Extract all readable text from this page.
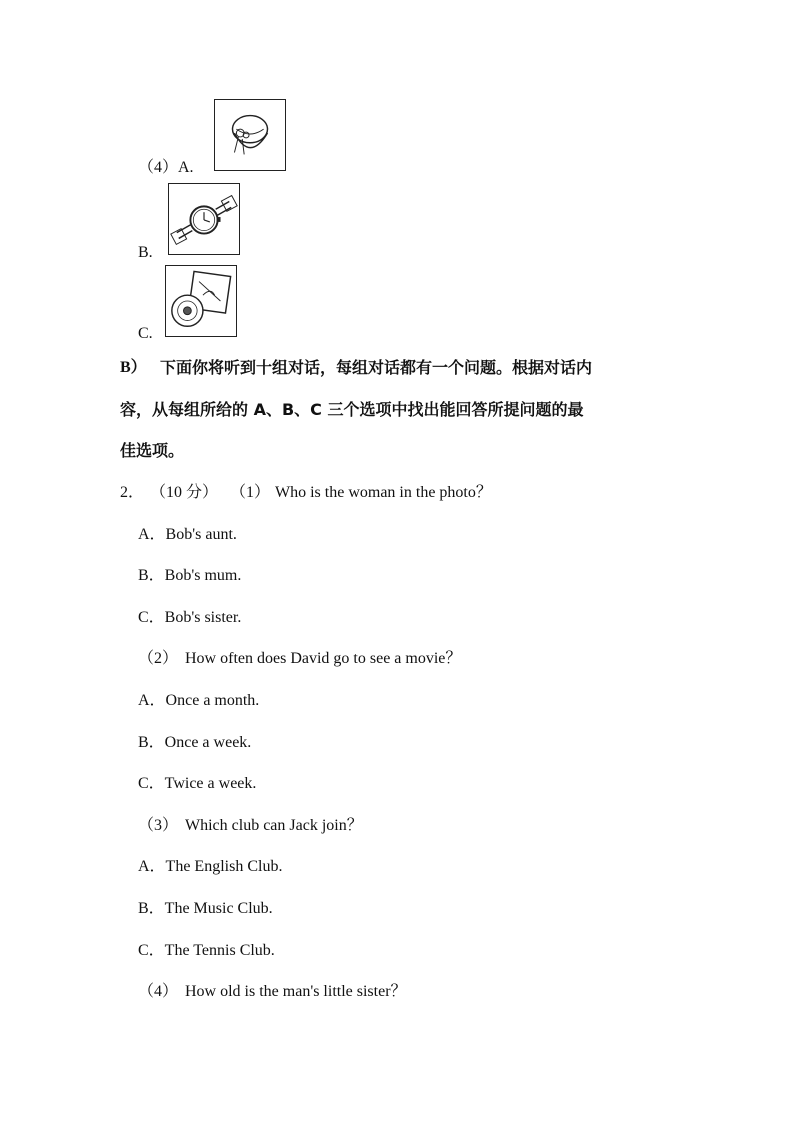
（4）A.
B.
C.
B） 下面你将听到十组对话，每组对话都有一个问题。根据对话内
容，从每组所给的 A、B、C 三个选项中找出能回答所提问题的最
佳选项。
2． （10 分） （1） Who is the woman in the photo？
A．Bob's aunt.
B．Bob's mum.
C．Bob's sister.
（2） How often does David go to see a movie？
A．Once a month.
B．Once a week.
C．Twice a week.
（3） Which club can Jack join？
A．The English Club.
B．The Music Club.
C．The Tennis Club.
（4） How old is the man's little sister？
